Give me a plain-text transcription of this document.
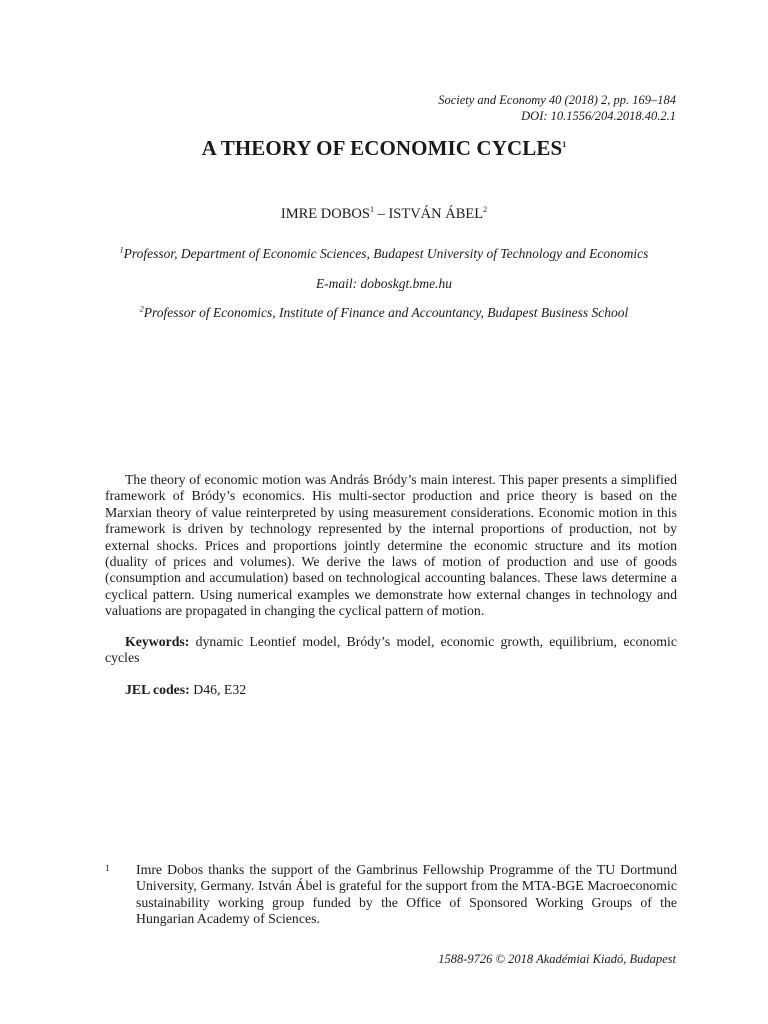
Society and Economy 40 (2018) 2, pp. 169–184
DOI: 10.1556/204.2018.40.2.1
A THEORY OF ECONOMIC CYCLES$^1$
IMRE DOBOS$^1$ – ISTVÁN ÁBEL$^2$
$^1$Professor, Department of Economic Sciences, Budapest University of Technology and Economics
E-mail: doboskgt.bme.hu
$^2$Professor of Economics, Institute of Finance and Accountancy, Budapest Business School

The theory of economic motion was András Bródy’s main interest. This paper presents a simplified framework of Bródy’s economics. His multi-sector production and price theory is based on the Marxian theory of value reinterpreted by using measurement considerations. Economic motion in this framework is driven by technology represented by the internal proportions of production, not by external shocks. Prices and proportions jointly determine the economic structure and its motion (duality of prices and volumes). We derive the laws of motion of production and use of goods (consumption and accumulation) based on technological accounting balances. These laws determine a cyclical pattern. Using numerical examples we demonstrate how external changes in technology and valuations are propagated in changing the cyclical pattern of motion.

Keywords: dynamic Leontief model, Bródy’s model, economic growth, equilibrium, economic cycles

JEL codes: D46, E32

1 Imre Dobos thanks the support of the Gambrinus Fellowship Programme of the TU Dortmund University, Germany. István Ábel is grateful for the support from the MTA-BGE Macroeconomic sustainability working group funded by the Office of Sponsored Working Groups of the Hungarian Academy of Sciences.
1588-9726 © 2018 Akadémiai Kiadó, Budapest
